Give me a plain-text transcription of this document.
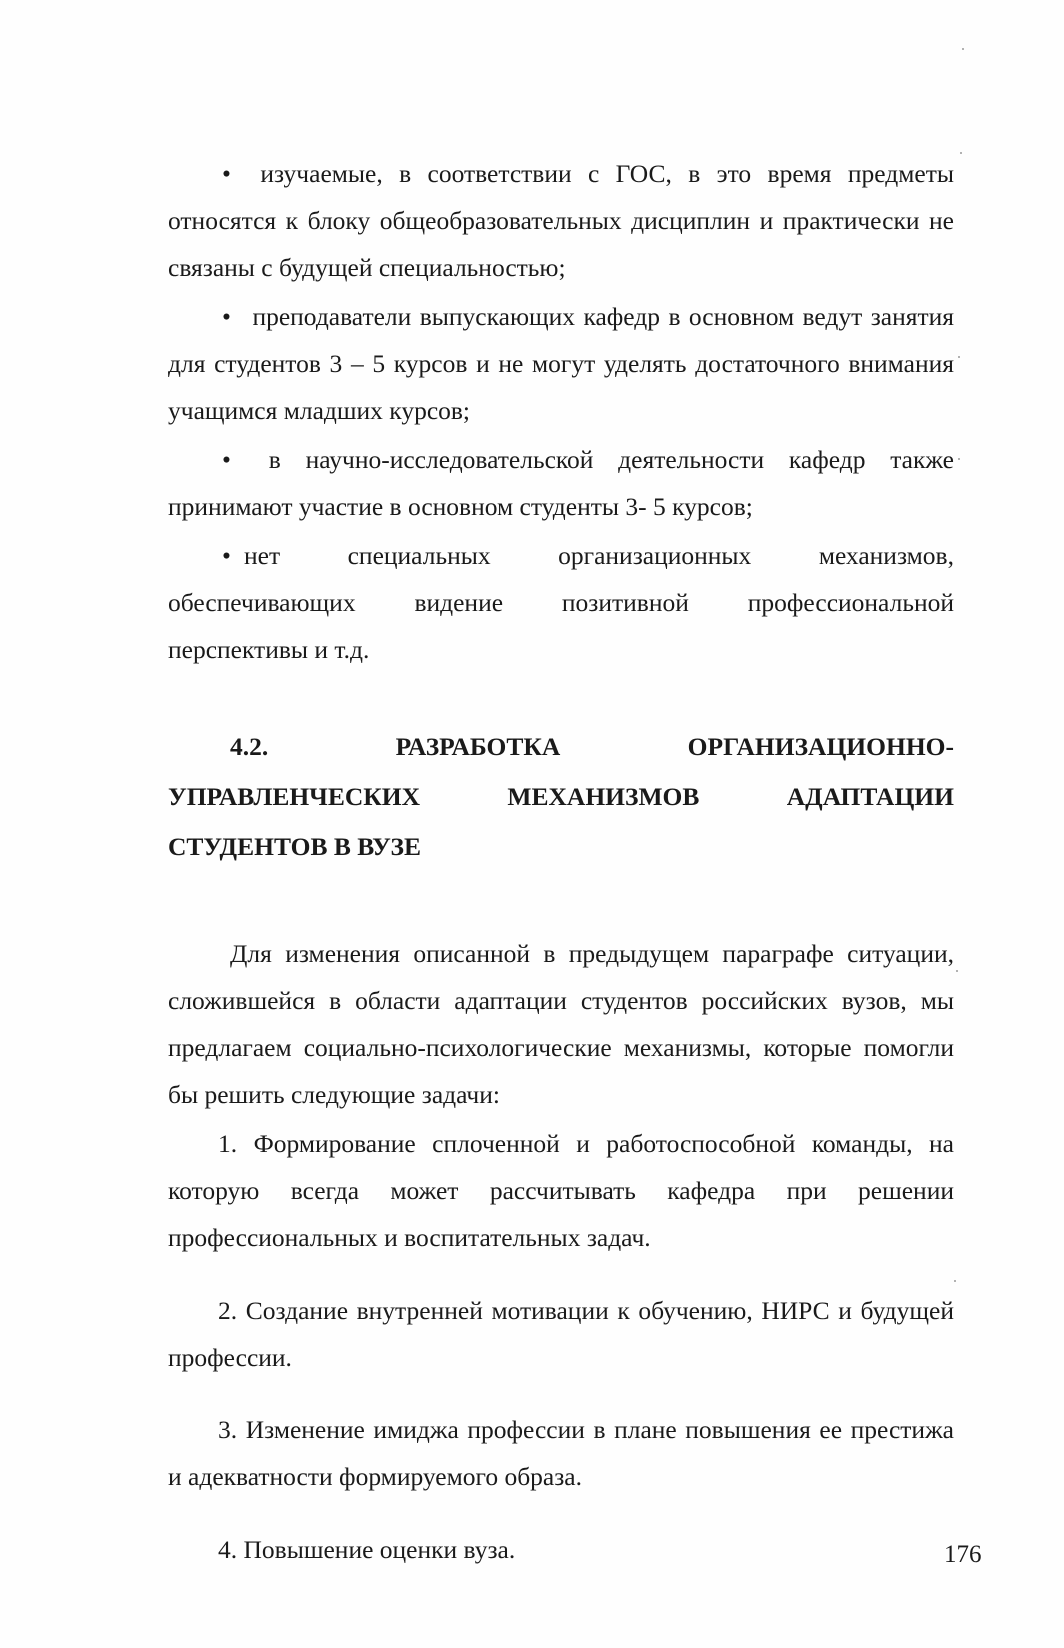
• изучаемые, в соответствии с ГОС, в это время предметы относятся к блоку общеобразовательных дисциплин и практически не связаны с будущей специальностью;

• преподаватели выпускающих кафедр в основном ведут занятия для студентов 3 – 5 курсов и не могут уделять достаточного внимания учащимся младших курсов;

• в научно-исследовательской деятельности кафедр также принимают участие в основном студенты 3- 5 курсов;

• нет	специальных	организационных	механизмов,
обеспечивающих видение позитивной профессиональной
перспективы и т.д.
4.2.	РАЗРАБОТКА	ОРГАНИЗАЦИОННО-
УПРАВЛЕНЧЕСКИХ	МЕХАНИЗМОВ	АДАПТАЦИИ
СТУДЕНТОВ В ВУЗЕ

Для изменения описанной в предыдущем параграфе ситуации, сложившейся в области адаптации студентов российских вузов, мы предлагаем социально-психологические механизмы, которые помогли бы решить следующие задачи:

1. Формирование сплоченной и работоспособной команды, на которую всегда может рассчитывать кафедра при решении профессиональных и воспитательных задач.

2. Создание внутренней мотивации к обучению, НИРС и будущей профессии.

3. Изменение имиджа профессии в плане повышения ее престижа и адекватности формируемого образа.

4. Повышение оценки вуза.	176
